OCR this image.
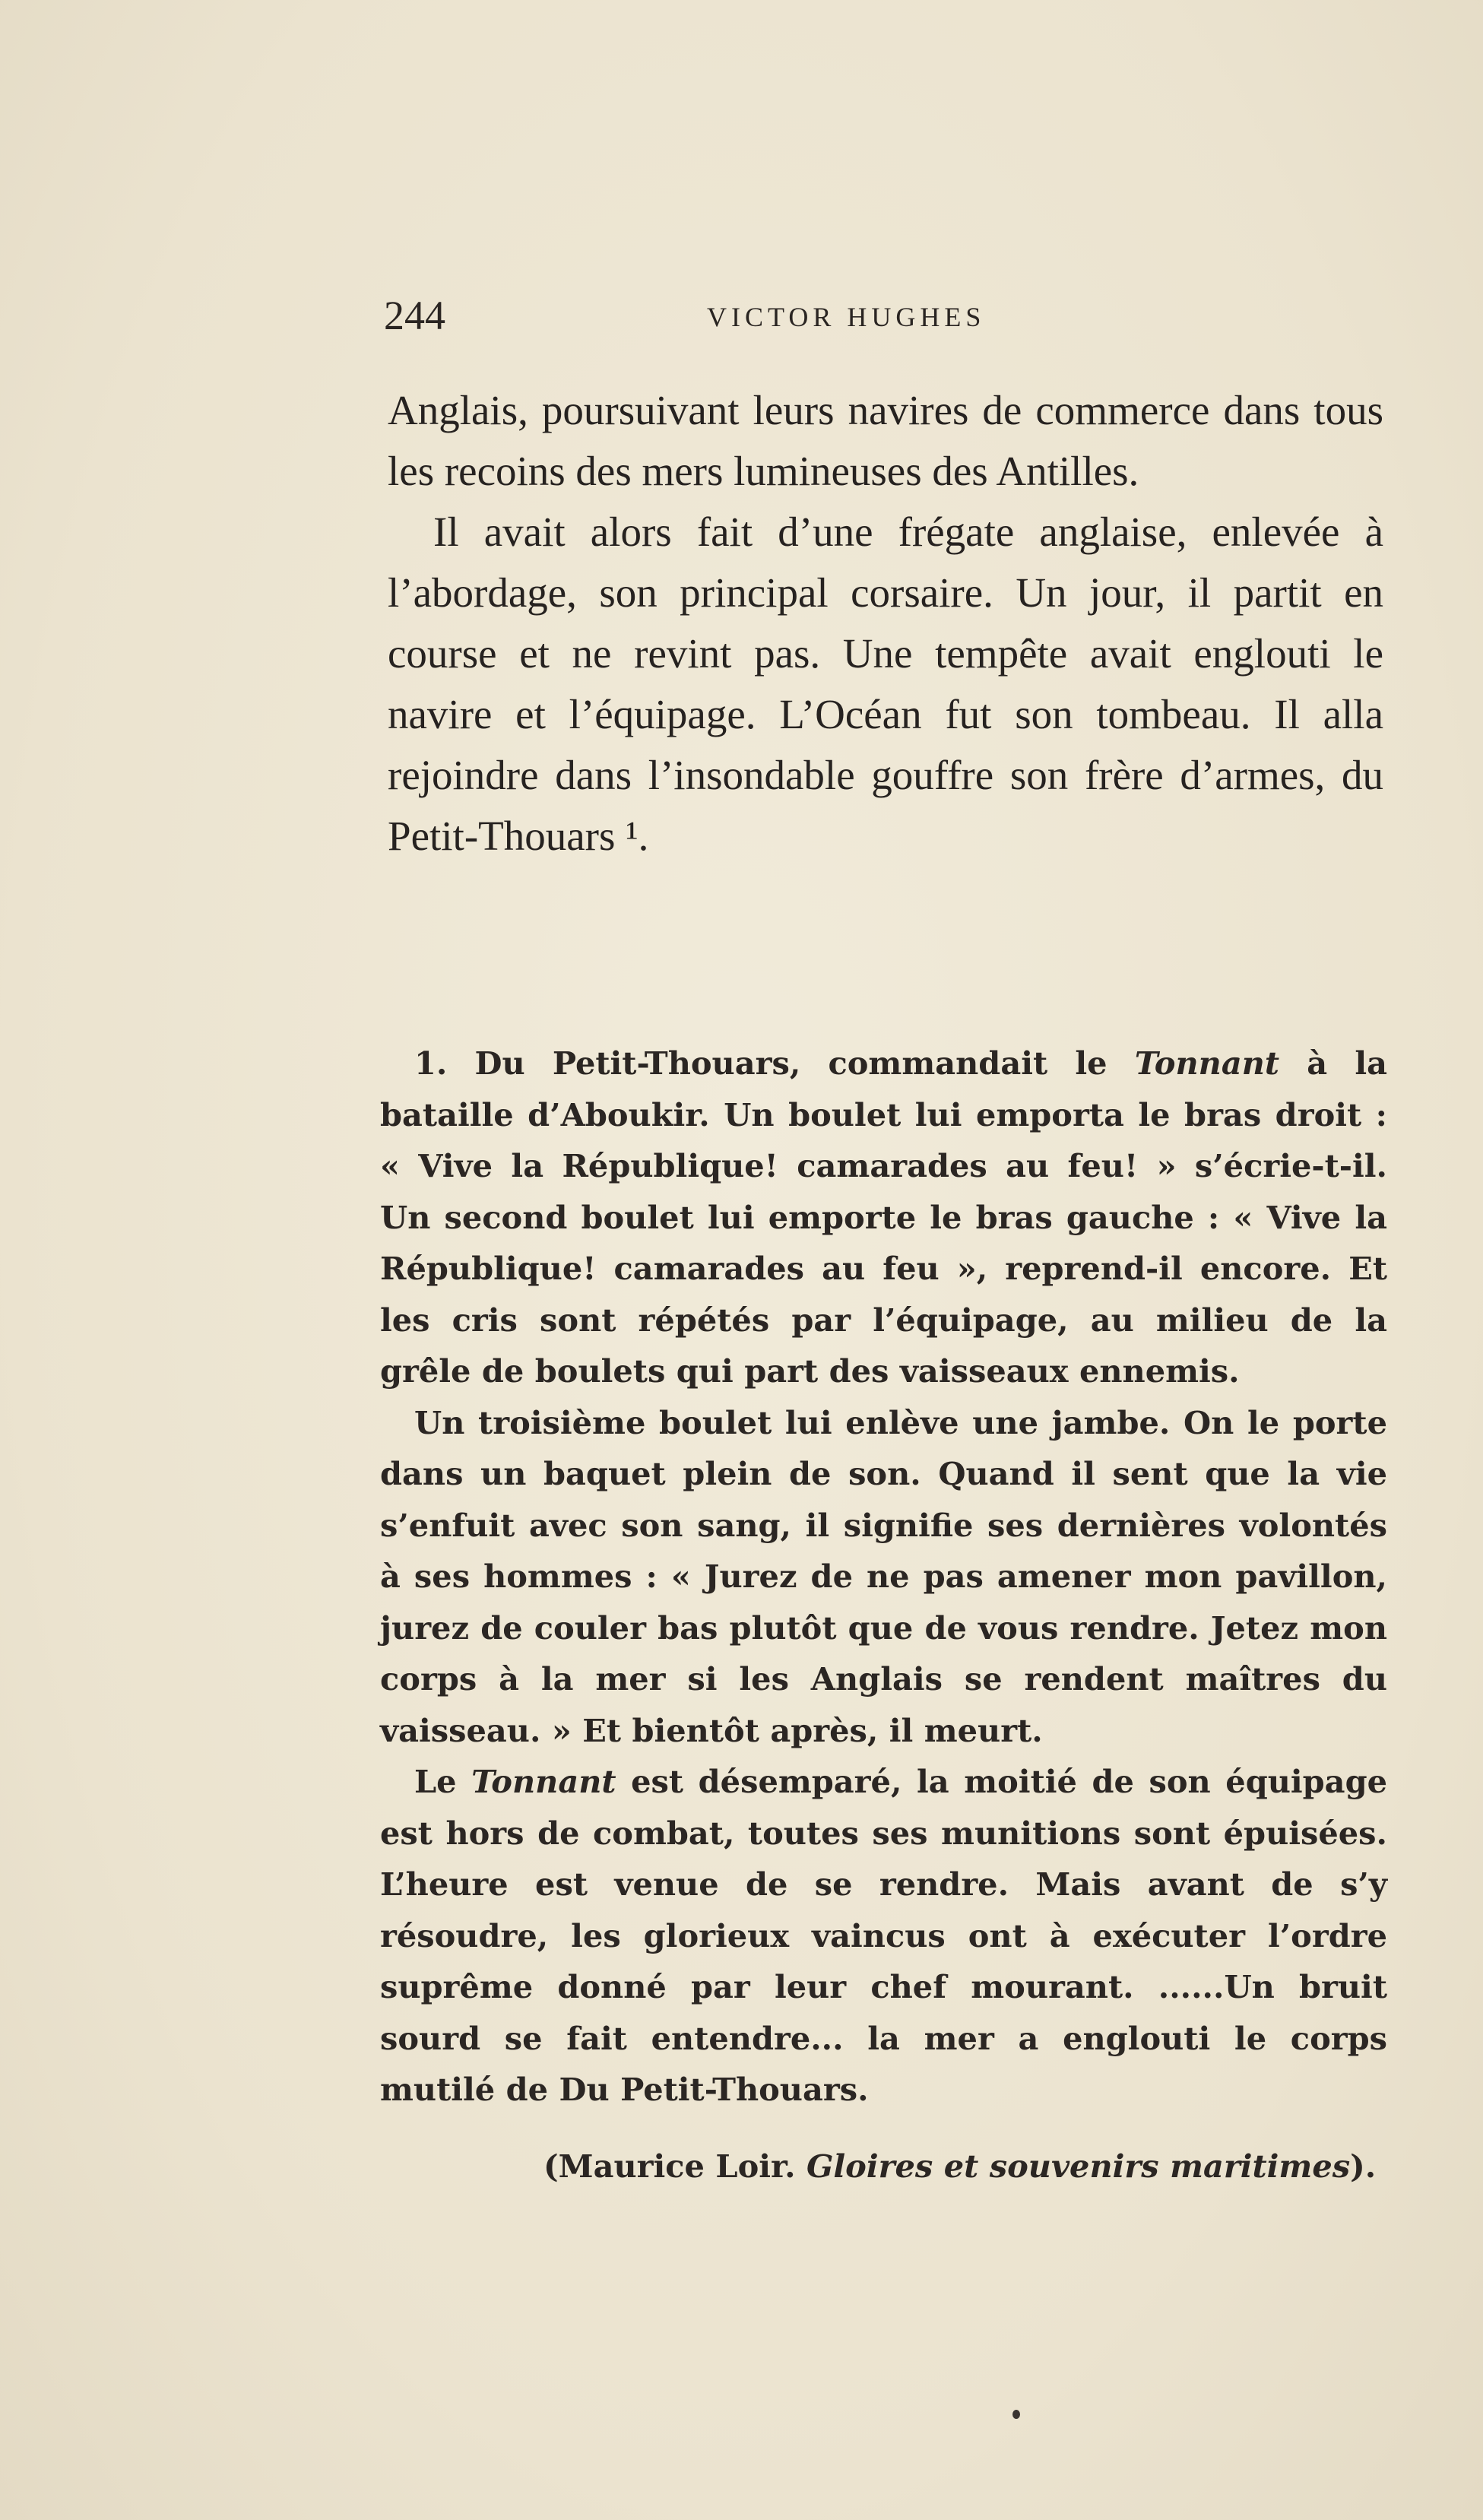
244	VICTOR HUGHES

Anglais, poursuivant leurs navires de commerce dans tous les recoins des mers lumineuses des Antilles.

Il avait alors fait d’une frégate anglaise, enlevée à l’abordage, son principal corsaire. Un jour, il partit en course et ne revint pas. Une tempête avait englouti le navire et l’équipage. L’Océan fut son tombeau. Il alla rejoindre dans l’insondable gouffre son frère d’armes, du Petit-Thouars ¹.

1. Du Petit-Thouars, commandait le Tonnant à la bataille d’Aboukir. Un boulet lui emporta le bras droit : « Vive la République! camarades au feu! » s’écrie-t-il. Un second boulet lui emporte le bras gauche : « Vive la République! camarades au feu », reprend-il encore. Et les cris sont répétés par l’équipage, au milieu de la grêle de boulets qui part des vaisseaux ennemis.

Un troisième boulet lui enlève une jambe. On le porte dans un baquet plein de son. Quand il sent que la vie s’enfuit avec son sang, il signifie ses dernières volontés à ses hommes : « Jurez de ne pas amener mon pavillon, jurez de couler bas plutôt que de vous rendre. Jetez mon corps à la mer si les Anglais se rendent maîtres du vaisseau. » Et bientôt après, il meurt.

Le Tonnant est désemparé, la moitié de son équipage est hors de combat, toutes ses munitions sont épuisées. L’heure est venue de se rendre. Mais avant de s’y résoudre, les glorieux vaincus ont à exécuter l’ordre suprême donné par leur chef mourant. ......Un bruit sourd se fait entendre... la mer a englouti le corps mutilé de Du Petit-Thouars.

(Maurice Loir. Gloires et souvenirs maritimes).
